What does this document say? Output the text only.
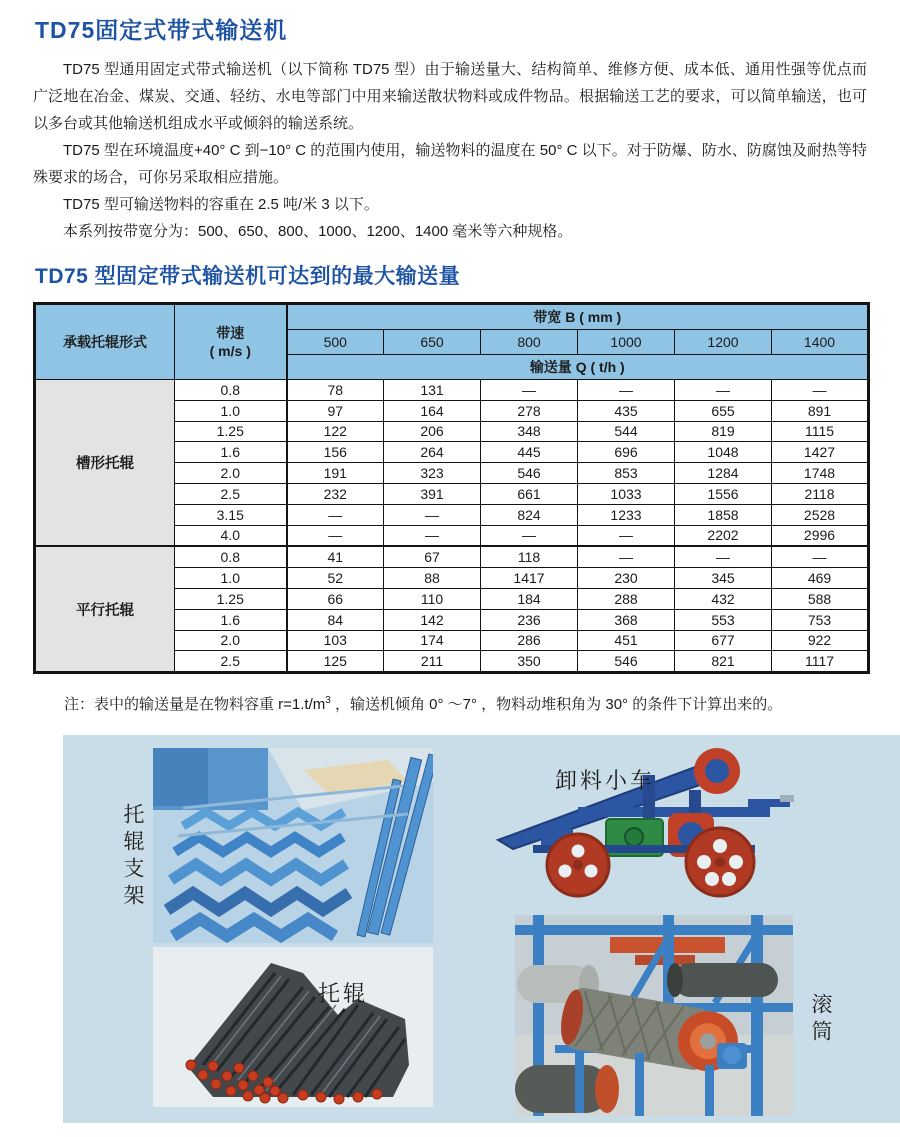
TD75固定式带式输送机

TD75 型通用固定式带式输送机（以下简称 TD75 型）由于输送量大、结构简单、维修方便、成本低、通用性强等优点而广泛地在冶金、煤炭、交通、轻纺、水电等部门中用来输送散状物料或成件物品。根据输送工艺的要求，可以简单输送，也可以多台或其他输送机组成水平或倾斜的输送系统。

TD75 型在环境温度+40° C 到−10° C 的范围内使用，输送物料的温度在 50° C 以下。对于防爆、防水、防腐蚀及耐热等特殊要求的场合，可你另采取相应措施。

TD75 型可输送物料的容重在 2.5 吨/米 3 以下。

本系列按带宽分为：500、650、800、1000、1200、1400 毫米等六种规格。

TD75 型固定带式输送机可达到的最大输送量
承载托辊形式	带速
( m/s )	带宽 B ( mm )					
		500	650	800	1000	1200	1400
		输送量 Q ( t/h )					
槽形托辊	0.8	78	131	—	—	—	—
	1.0	97	164	278	435	655	891
	1.25	122	206	348	544	819	1115
	1.6	156	264	445	696	1048	1427
	2.0	191	323	546	853	1284	1748
	2.5	232	391	661	1033	1556	2118
	3.15	—	—	824	1233	1858	2528
	4.0	—	—	—	—	2202	2996
平行托辊	0.8	41	67	118	—	—	—
	1.0	52	88	1417	230	345	469
	1.25	66	110	184	288	432	588
	1.6	84	142	236	368	553	753
	2.0	103	174	286	451	677	922
	2.5	125	211	350	546	821	1117

注：表中的输送量是在物料容重 $r=1.t/m^3$ ，输送机倾角 0° ～7° ，物料动堆积角为 30° 的条件下计算出来的。

托辊支架
卸料小车
托辊	滚筒
